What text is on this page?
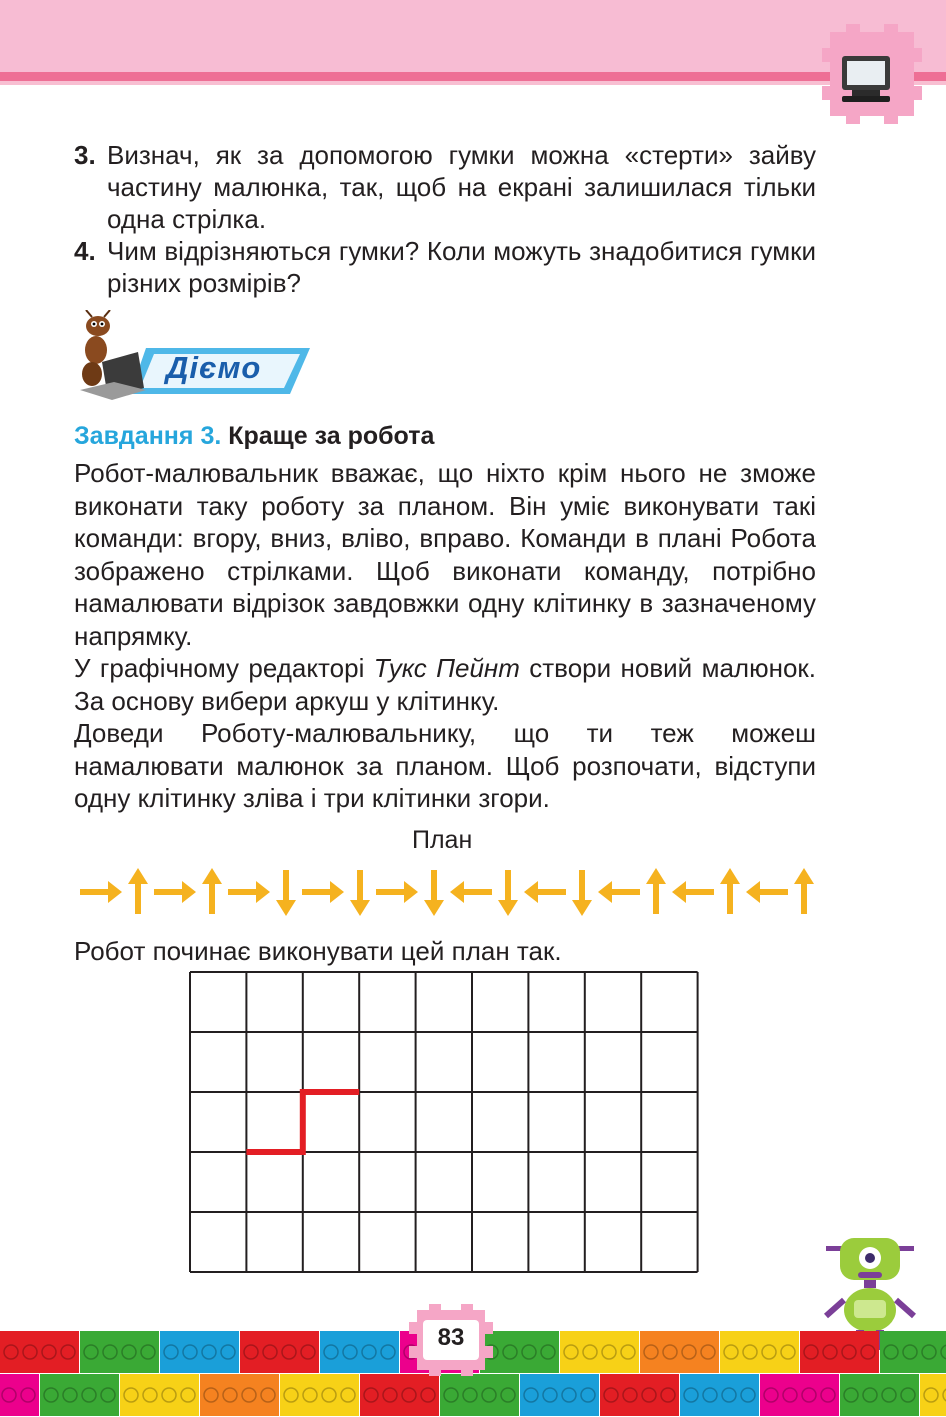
3. Визнач, як за допомогою гумки можна «стерти» зайву частину малюнка, так, щоб на екрані залишилася тільки одна стрілка.
4. Чим відрізняються гумки? Коли можуть знадобитися гумки різних розмірів?
Дiємо
Завдання 3. Краще за робота
Робот-малювальник вважає, що ніхто крім нього не зможе виконати таку роботу за планом. Він уміє виконувати такі команди: вгору, вниз, вліво, вправо. Команди в плані Робота зображено стрілками. Щоб виконати команду, потрібно намалювати відрізок завдовжки одну клітинку в зазначеному напрямку.
У графічному редакторі Тукс Пейнт створи новий малюнок. За основу вибери аркуш у клітинку.
Доведи Роботу-малювальнику, що ти теж можеш намалювати малюнок за планом. Щоб розпочати, відступи одну клітинку зліва і три клітинки згори.
План
Робот починає виконувати цей план так.
83
